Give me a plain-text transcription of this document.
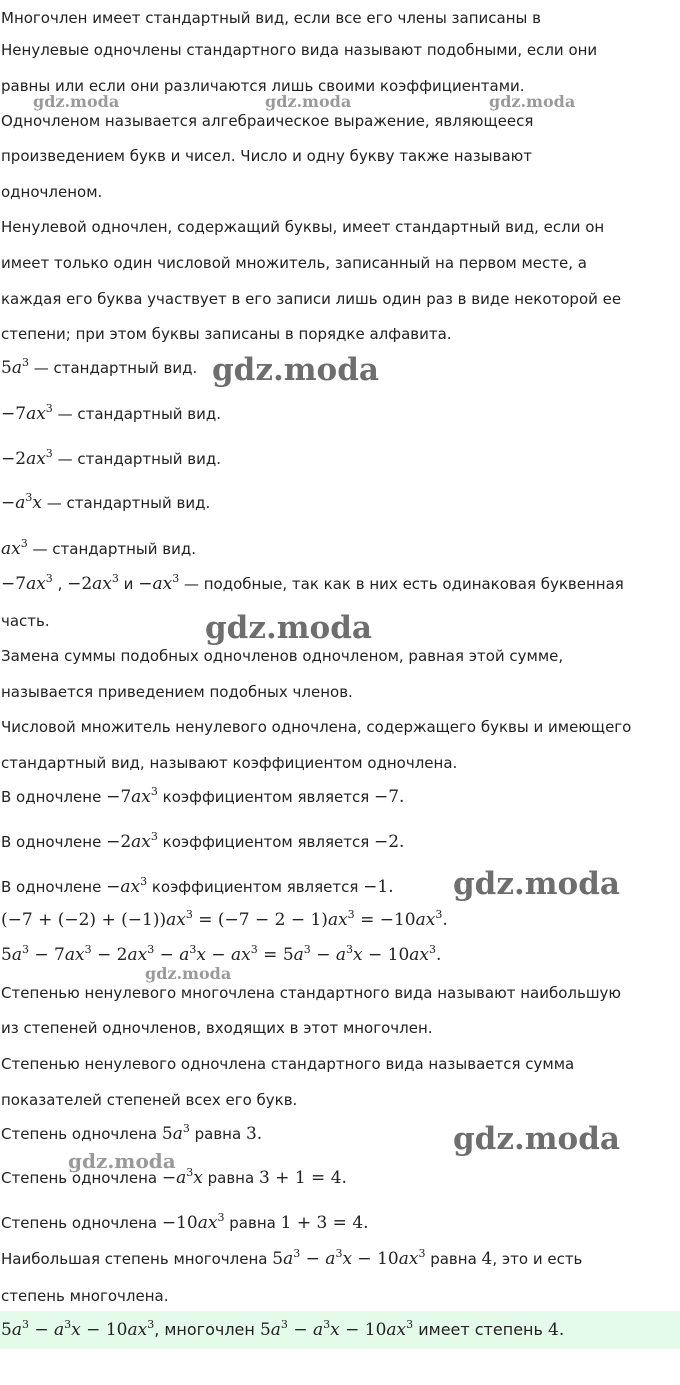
Многочлен имеет стандартный вид, если все его члены записаны в
Ненулевые одночлены стандартного вида называют подобными, если они
равны или если они различаются лишь своими коэффициентами.
Одночленом называется алгебраическое выражение, являющееся
произведением букв и чисел. Число и одну букву также называют
одночленом.
Ненулевой одночлен, содержащий буквы, имеет стандартный вид, если он
имеет только один числовой множитель, записанный на первом месте, а
каждая его буква участвует в его записи лишь один раз в виде некоторой ее
степени; при этом буквы записаны в порядке алфавита.
$5a^3$ — стандартный вид.
$-7ax^3$ — стандартный вид.
$-2ax^3$ — стандартный вид.
$-a^3x$ — стандартный вид.
$ax^3$ — стандартный вид.
$-7ax^3$ , $-2ax^3$ $и -ax^3$ — подобные, так как в них есть одинаковая буквенная
часть.
Замена суммы подобных одночленов одночленом, равная этой сумме,
называется приведением подобных членов.
Числовой множитель ненулевого одночлена, содержащего буквы и имеющего
стандартный вид, называют коэффициентом одночлена.
В одночлене $-7ax^3$ коэффициентом является −7.
В одночлене $-2ax^3$ коэффициентом является −2.
В одночлене $-ax^3$ коэффициентом является −1.
$(-7 + (-2) + (-1))ax^3 = (-7 - 2 - 1)ax^3 = -10ax^3$.
$5a^3 - 7ax^3 - 2ax^3 - a^3x - ax^3 = 5a^3 - a^3x - 10ax^3$.
Степенью ненулевого многочлена стандартного вида называют наибольшую
из степеней одночленов, входящих в этот многочлен.
Степенью ненулевого одночлена стандартного вида называется сумма
показателей степеней всех его букв.
Степень одночлена $5a^3$ равна 3.
Степень одночлена $-a^3x$ равна 3 + 1 = 4.
Степень одночлена $-10ax^3$ равна 1 + 3 = 4.
Наибольшая степень многочлена $5a^3 - a^3x - 10ax^3$ равна 4, это и есть
степень многочлена.
$5a^3 - a^3x - 10ax^3$, многочлен $5a^3 - a^3x - 10ax^3$ имеет степень 4.
gdz.moda	gdz.moda	gdz.moda
gdz.moda
gdz.moda
gdz.moda
gdz.moda
gdz.moda
gdz.moda
